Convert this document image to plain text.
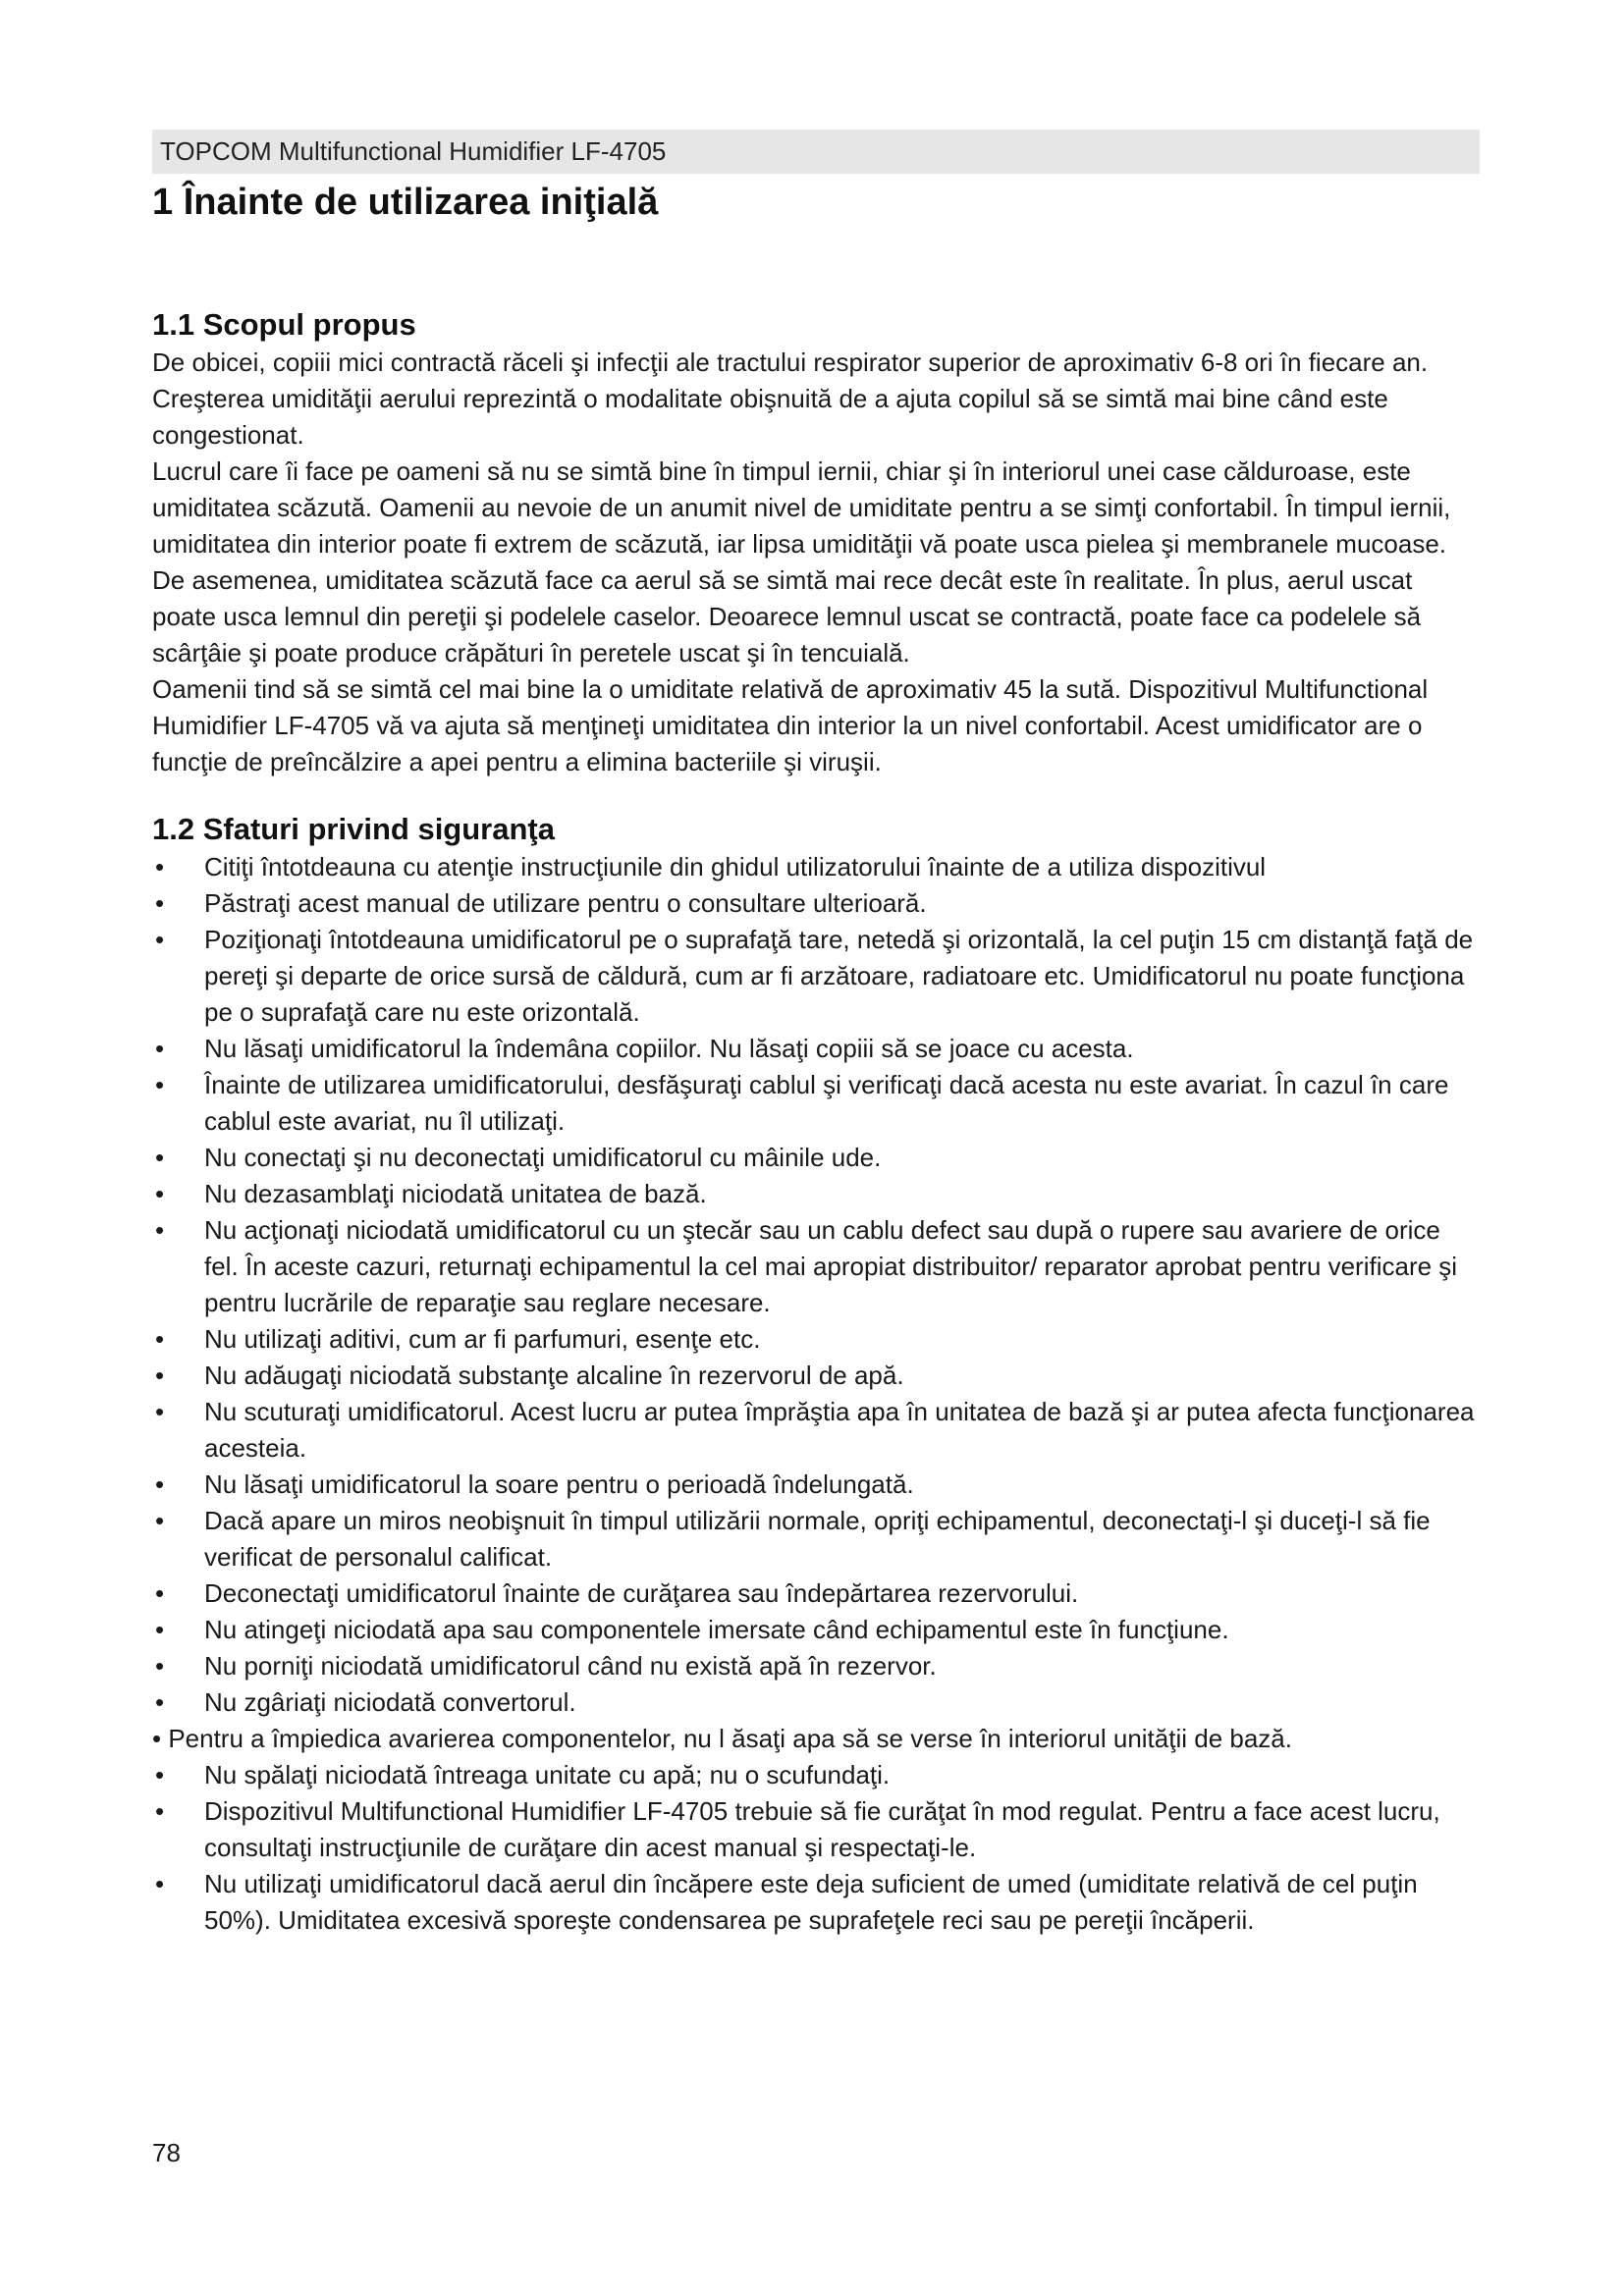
TOPCOM Multifunctional Humidifier LF-4705
1 Înainte de utilizarea iniţială
1.1 Scopul propus

De obicei, copiii mici contractă răceli şi infecţii ale tractului respirator superior de aproximativ 6-8 ori în fiecare an. Creşterea umidităţii aerului reprezintă o modalitate obişnuită de a ajuta copilul să se simtă mai bine când este congestionat.

Lucrul care îi face pe oameni să nu se simtă bine în timpul iernii, chiar şi în interiorul unei case călduroase, este umiditatea scăzută. Oamenii au nevoie de un anumit nivel de umiditate pentru a se simţi confortabil. În timpul iernii, umiditatea din interior poate fi extrem de scăzută, iar lipsa umidităţii vă poate usca pielea şi membranele mucoase. De asemenea, umiditatea scăzută face ca aerul să se simtă mai rece decât este în realitate. În plus, aerul uscat poate usca lemnul din pereţii şi podelele caselor. Deoarece lemnul uscat se contractă, poate face ca podelele să scârţâie şi poate produce crăpături în peretele uscat şi în tencuială.

Oamenii tind să se simtă cel mai bine la o umiditate relativă de aproximativ 45 la sută. Dispozitivul Multifunctional Humidifier LF-4705 vă va ajuta să menţineţi umiditatea din interior la un nivel confortabil. Acest umidificator are o funcţie de preîncălzire a apei pentru a elimina bacteriile şi viruşii.

1.2 Sfaturi privind siguranţa
•	Citiţi întotdeauna cu atenţie instrucţiunile din ghidul utilizatorului înainte de a utiliza dispozitivul
•	Păstraţi acest manual de utilizare pentru o consultare ulterioară.
•	Poziţionaţi întotdeauna umidificatorul pe o suprafaţă tare, netedă şi orizontală, la cel puţin 15 cm distanţă faţă de pereţi şi departe de orice sursă de căldură, cum ar fi arzătoare, radiatoare etc. Umidificatorul nu poate funcţiona pe o suprafaţă care nu este orizontală.
•	Nu lăsaţi umidificatorul la îndemâna copiilor. Nu lăsaţi copiii să se joace cu acesta.
•	Înainte de utilizarea umidificatorului, desfăşuraţi cablul şi verificaţi dacă acesta nu este avariat. În cazul în care cablul este avariat, nu îl utilizaţi.
•	Nu conectaţi şi nu deconectaţi umidificatorul cu mâinile ude.
•	Nu dezasamblaţi niciodată unitatea de bază.
•	Nu acţionaţi niciodată umidificatorul cu un ştecăr sau un cablu defect sau după o rupere sau avariere de orice fel. În aceste cazuri, returnaţi echipamentul la cel mai apropiat distribuitor/ reparator aprobat pentru verificare şi pentru lucrările de reparaţie sau reglare necesare.
•	Nu utilizaţi aditivi, cum ar fi parfumuri, esenţe etc.
•	Nu adăugaţi niciodată substanţe alcaline în rezervorul de apă.
•	Nu scuturaţi umidificatorul. Acest lucru ar putea împrăştia apa în unitatea de bază şi ar putea afecta funcţionarea acesteia.
•	Nu lăsaţi umidificatorul la soare pentru o perioadă îndelungată.
•	Dacă apare un miros neobişnuit în timpul utilizării normale, opriţi echipamentul, deconectaţi-l şi duceţi-l să fie verificat de personalul calificat.
•	Deconectaţi umidificatorul înainte de curăţarea sau îndepărtarea rezervorului.
•	Nu atingeţi niciodată apa sau componentele imersate când echipamentul este în funcţiune.
•	Nu porniţi niciodată umidificatorul când nu există apă în rezervor.
•	Nu zgâriaţi niciodată convertorul.
• Pentru a împiedica avarierea componentelor, nu l ăsaţi apa să se verse în interiorul unităţii de bază.
•	Nu spălaţi niciodată întreaga unitate cu apă; nu o scufundaţi.
•	Dispozitivul Multifunctional Humidifier LF-4705 trebuie să fie curăţat în mod regulat. Pentru a face acest lucru, consultaţi instrucţiunile de curăţare din acest manual şi respectaţi-le.
•	Nu utilizaţi umidificatorul dacă aerul din încăpere este deja suficient de umed (umiditate relativă de cel puţin 50%). Umiditatea excesivă sporeşte condensarea pe suprafeţele reci sau pe pereţii încăperii.
78
